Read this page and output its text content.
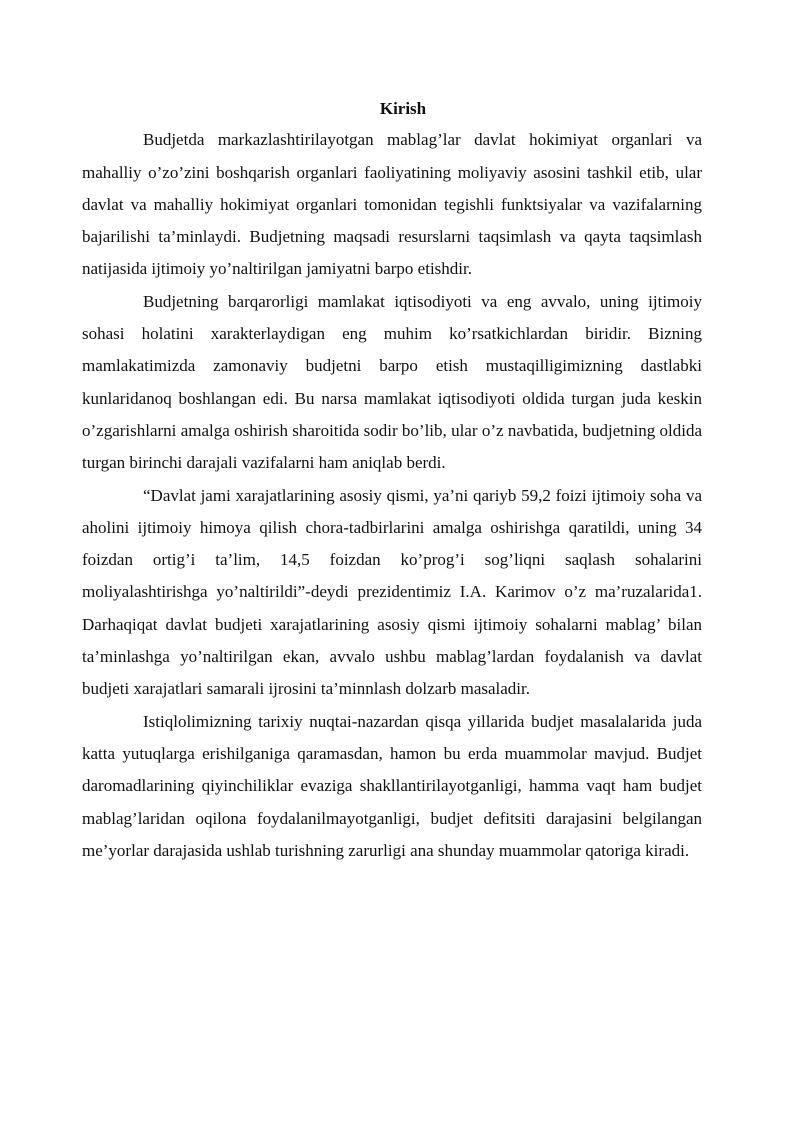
Kirish

Budjetda markazlashtirilayotgan mablag’lar davlat hokimiyat organlari va mahalliy o’zo’zini boshqarish organlari faoliyatining moliyaviy asosini tashkil etib, ular davlat va mahalliy hokimiyat organlari tomonidan tegishli funktsiyalar va vazifalarning bajarilishi ta’minlaydi. Budjetning maqsadi resurslarni taqsimlash va qayta taqsimlash natijasida ijtimoiy yo’naltirilgan jamiyatni barpo etishdir.

Budjetning barqarorligi mamlakat iqtisodiyoti va eng avvalo, uning ijtimoiy sohasi holatini xarakterlaydigan eng muhim ko’rsatkichlardan biridir. Bizning mamlakatimizda zamonaviy budjetni barpo etish mustaqilligimizning dastlabki kunlaridanoq boshlangan edi. Bu narsa mamlakat iqtisodiyoti oldida turgan juda keskin o’zgarishlarni amalga oshirish sharoitida sodir bo’lib, ular o’z navbatida, budjetning oldida turgan birinchi darajali vazifalarni ham aniqlab berdi.

“Davlat jami xarajatlarining asosiy qismi, ya’ni qariyb 59,2 foizi ijtimoiy soha va aholini ijtimoiy himoya qilish chora-tadbirlarini amalga oshirishga qaratildi, uning 34 foizdan ortig’i ta’lim, 14,5 foizdan ko’prog’i sog’liqni saqlash sohalarini moliyalashtirishga yo’naltirildi”-deydi prezidentimiz I.A. Karimov o’z ma’ruzalarida1. Darhaqiqat davlat budjeti xarajatlarining asosiy qismi ijtimoiy sohalarni mablag’ bilan ta’minlashga yo’naltirilgan ekan, avvalo ushbu mablag’lardan foydalanish va davlat budjeti xarajatlari samarali ijrosini ta’minnlash dolzarb masaladir.

Istiqlolimizning tarixiy nuqtai-nazardan qisqa yillarida budjet masalalarida juda katta yutuqlarga erishilganiga qaramasdan, hamon bu erda muammolar mavjud. Budjet daromadlarining qiyinchiliklar evaziga shakllantirilayotganligi, hamma vaqt ham budjet mablag’laridan oqilona foydalanilmayotganligi, budjet defitsiti darajasini belgilangan me’yorlar darajasida ushlab turishning zarurligi ana shunday muammolar qatoriga kiradi.
